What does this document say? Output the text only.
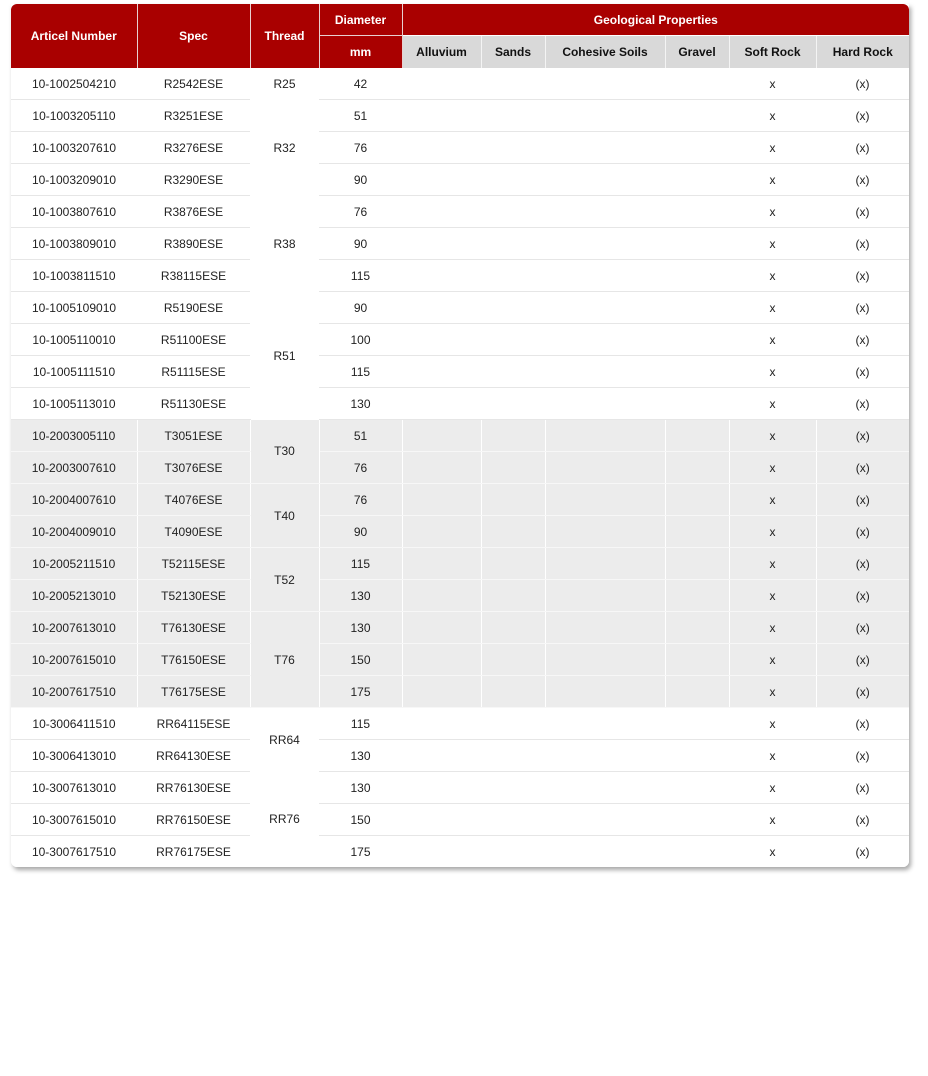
Articel Number	Spec	Thread	Diameter	Geological Properties					
			mm	Alluvium	Sands	Cohesive Soils	Gravel	Soft Rock	Hard Rock
10-1002504210	R2542ESE	R25	42					x	(x)
10-1003205110	R3251ESE	R32	51					x	(x)
10-1003207610	R3276ESE		76					x	(x)
10-1003209010	R3290ESE		90					x	(x)
10-1003807610	R3876ESE	R38	76					x	(x)
10-1003809010	R3890ESE		90					x	(x)
10-1003811510	R38115ESE		115					x	(x)
10-1005109010	R5190ESE	R51	90					x	(x)
10-1005110010	R51100ESE		100					x	(x)
10-1005111510	R51115ESE		115					x	(x)
10-1005113010	R51130ESE		130					x	(x)
10-2003005110	T3051ESE	T30	51					x	(x)
10-2003007610	T3076ESE		76					x	(x)
10-2004007610	T4076ESE	T40	76					x	(x)
10-2004009010	T4090ESE		90					x	(x)
10-2005211510	T52115ESE	T52	115					x	(x)
10-2005213010	T52130ESE		130					x	(x)
10-2007613010	T76130ESE	T76	130					x	(x)
10-2007615010	T76150ESE		150					x	(x)
10-2007617510	T76175ESE		175					x	(x)
10-3006411510	RR64115ESE	RR64	115					x	(x)
10-3006413010	RR64130ESE		130					x	(x)
10-3007613010	RR76130ESE	RR76	130					x	(x)
10-3007615010	RR76150ESE		150					x	(x)
10-3007617510	RR76175ESE		175					x	(x)
